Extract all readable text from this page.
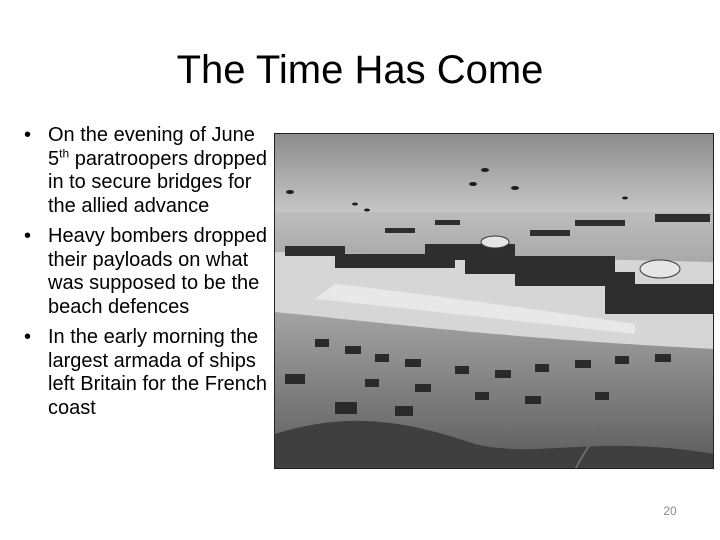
The Time Has Come
• On the evening of June 5th paratroopers dropped in to secure bridges for the allied advance
• Heavy bombers dropped their payloads on what was supposed to be the beach defences
• In the early morning the largest armada of ships left Britain for the French coast
20
